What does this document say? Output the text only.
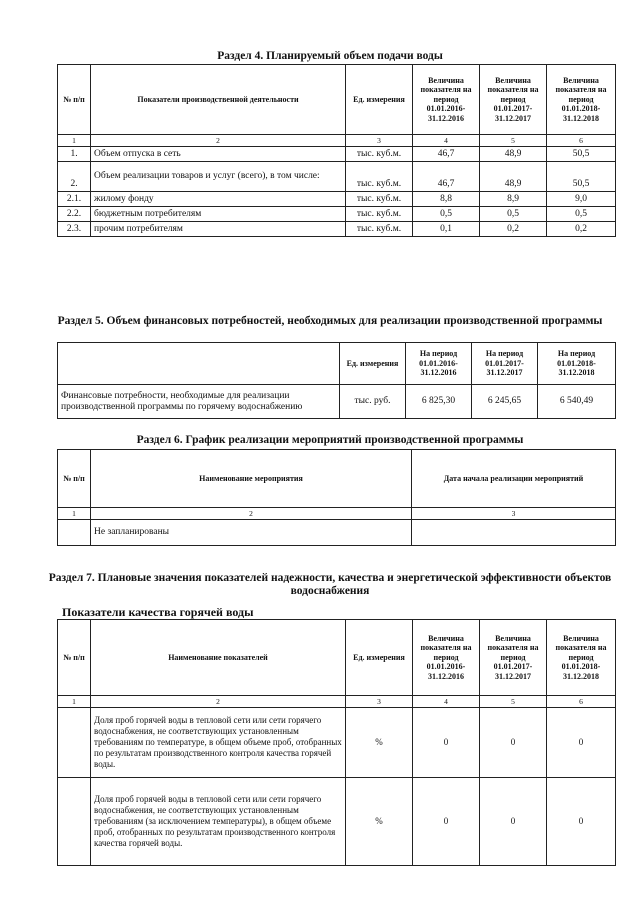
Раздел 4. Планируемый объем подачи воды
№ п/п	Показатели производственной деятельности	Ед. измерения	Величина показателя на период 01.01.2016-31.12.2016	Величина показателя на период 01.01.2017-31.12.2017	Величина показателя на период 01.01.2018-31.12.2018
1	2	3	4	5	6
1.	Объем отпуска в сеть	тыс. куб.м.	46,7	48,9	50,5
2.	Объем реализации товаров и услуг (всего), в том числе:	тыс. куб.м.	46,7	48,9	50,5
2.1.	жилому фонду	тыс. куб.м.	8,8	8,9	9,0
2.2.	бюджетным потребителям	тыс. куб.м.	0,5	0,5	0,5
2.3.	прочим потребителям	тыс. куб.м.	0,1	0,2	0,2
Раздел 5. Объем финансовых потребностей, необходимых для реализации производственной программы
	Ед. измерения	На период 01.01.2016-31.12.2016	На период 01.01.2017-31.12.2017	На период 01.01.2018-31.12.2018
Финансовые потребности, необходимые для реализации производственной программы по горячему водоснабжению	тыс. руб.	6 825,30	6 245,65	6 540,49
Раздел 6. График реализации мероприятий производственной программы
№ п/п	Наименование мероприятия	Дата начала реализации мероприятий
1	2	3
	Не запланированы	
Раздел 7. Плановые значения показателей надежности, качества и энергетической эффективности объектов водоснабжения
Показатели качества горячей воды
№ п/п	Наименование показателей	Ед. измерения	Величина показателя на период 01.01.2016-31.12.2016	Величина показателя на период 01.01.2017-31.12.2017	Величина показателя на период 01.01.2018-31.12.2018
1	2	3	4	5	6
	Доля проб горячей воды в тепловой сети или сети горячего водоснабжения, не соответствующих установленным требованиям по температуре, в общем объеме проб, отобранных по результатам производственного контроля качества горячей воды.	%	0	0	0
	Доля проб горячей воды в тепловой сети или сети горячего водоснабжения, не соответствующих установленным требованиям (за исключением температуры), в общем объеме проб, отобранных по результатам производственного контроля качества горячей воды.	%	0	0	0
